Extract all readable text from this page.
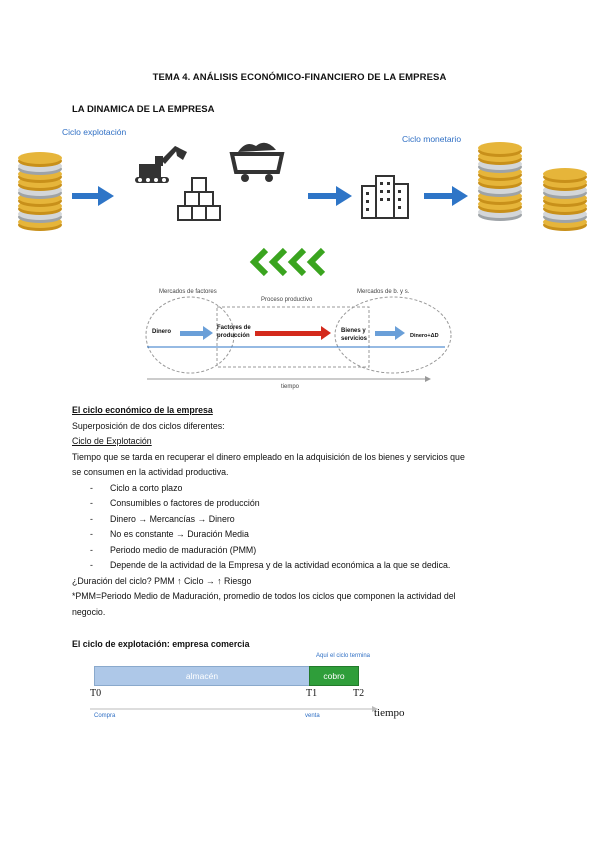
TEMA 4. ANÁLISIS ECONÓMICO-FINANCIERO DE LA EMPRESA
LA DINAMICA DE LA EMPRESA
Ciclo explotación
Ciclo monetario
Mercados de factores
Proceso productivo
Mercados de b. y s.
Dinero
Factores de
producción
Bienes y
servicios	Dinero+ΔD
tiempo
El ciclo económico de la empresa
Superposición de dos ciclos diferentes:
Ciclo de Explotación
Tiempo que se tarda en recuperar el dinero empleado en la adquisición de los bienes y servicios que
se consumen en la actividad productiva.
- Ciclo a corto plazo
- Consumibles o factores de producción
- Dinero → Mercancías → Dinero
- No es constante → Duración Media
- Periodo medio de maduración (PMM)
- Depende de la actividad de la Empresa y de la actividad económica a la que se dedica.
¿Duración del ciclo? PMM ↑ Ciclo → ↑ Riesgo
*PMM=Periodo Medio de Maduración, promedio de todos los ciclos que componen la actividad del
negocio.
El ciclo de explotación: empresa comercia
Aquí el ciclo termina
almacén	cobro
T0	T1	T2
tiempo
Compra	venta
